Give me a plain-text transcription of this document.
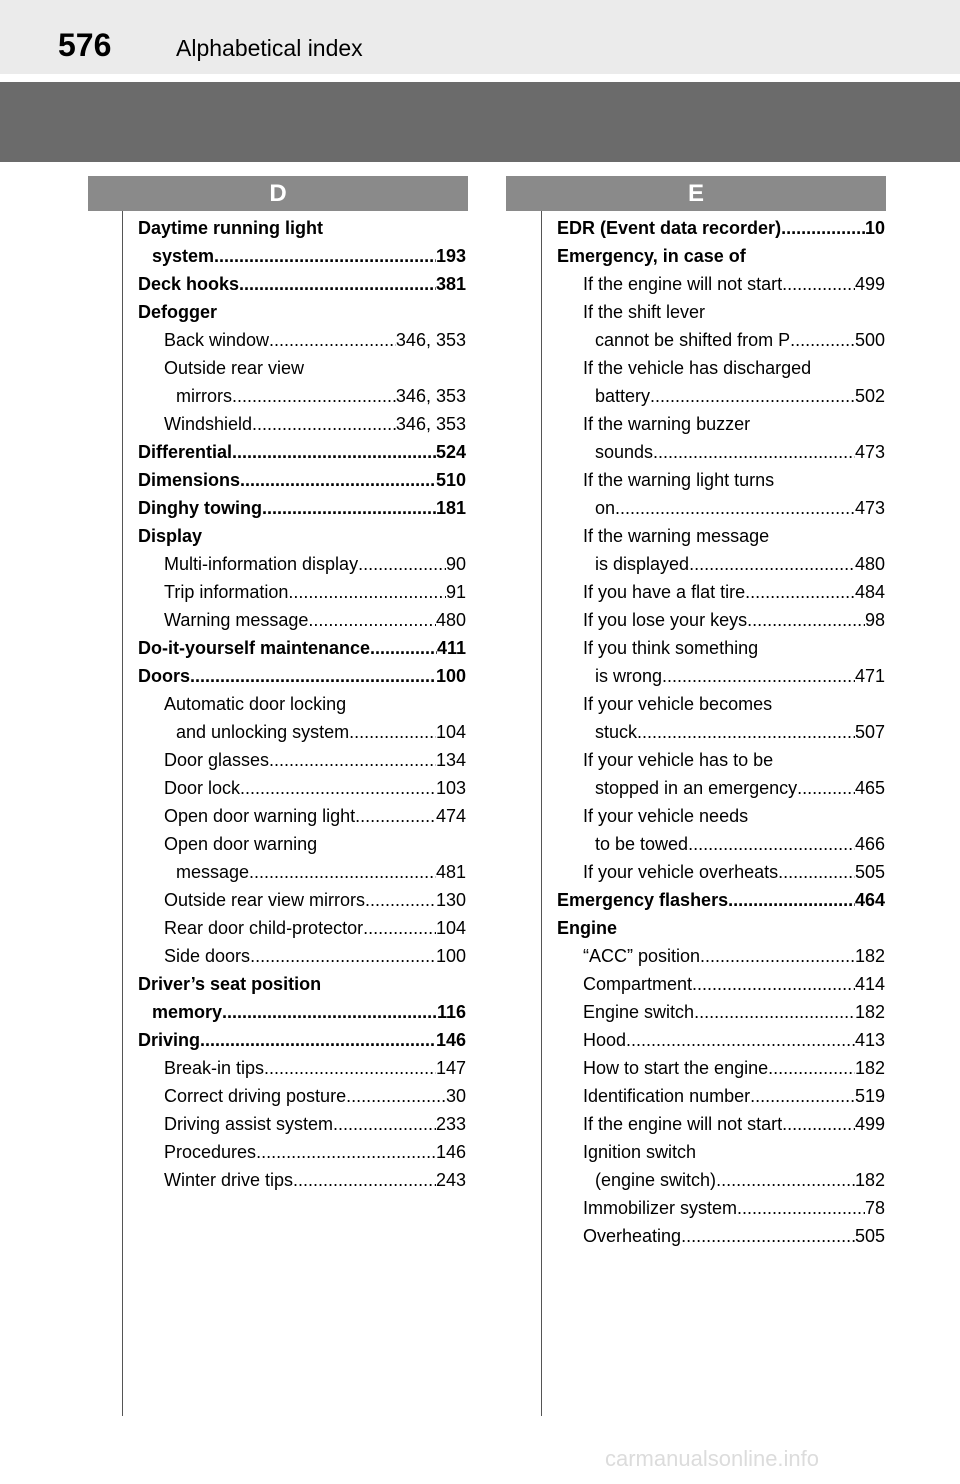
576	Alphabetical index
D	E
Daytime running light
system .....	193
Deck hooks .....	381
Defogger
Back window .....	346, 353
Outside rear view
mirrors .....	346, 353
Windshield .....	346, 353
Differential .....	524
Dimensions .....	510
Dinghy towing .....	181
Display
Multi-information display .....	90
Trip information .....	91
Warning message .....	480
Do-it-yourself maintenance .....	411
Doors .....	100
Automatic door locking
and unlocking system .....	104
Door glasses .....	134
Door lock .....	103
Open door warning light .....	474
Open door warning
message .....	481
Outside rear view mirrors .....	130
Rear door child-protector .....	104
Side doors .....	100
Driver’s seat position
memory .....	116
Driving .....	146
Break-in tips .....	147
Correct driving posture .....	30
Driving assist system .....	233
Procedures .....	146
Winter drive tips .....	243
EDR (Event data recorder) .....	10
Emergency, in case of
If the engine will not start .....	499
If the shift lever
cannot be shifted from P .....	500
If the vehicle has discharged
battery .....	502
If the warning buzzer
sounds .....	473
If the warning light turns
on .....	473
If the warning message
is displayed .....	480
If you have a flat tire .....	484
If you lose your keys .....	98
If you think something
is wrong .....	471
If your vehicle becomes
stuck .....	507
If your vehicle has to be
stopped in an emergency .....	465
If your vehicle needs
to be towed .....	466
If your vehicle overheats .....	505
Emergency flashers .....	464
Engine
“ACC” position .....	182
Compartment .....	414
Engine switch .....	182
Hood .....	413
How to start the engine .....	182
Identification number .....	519
If the engine will not start .....	499
Ignition switch
(engine switch) .....	182
Immobilizer system .....	78
Overheating .....	505
carmanualsonline.info
